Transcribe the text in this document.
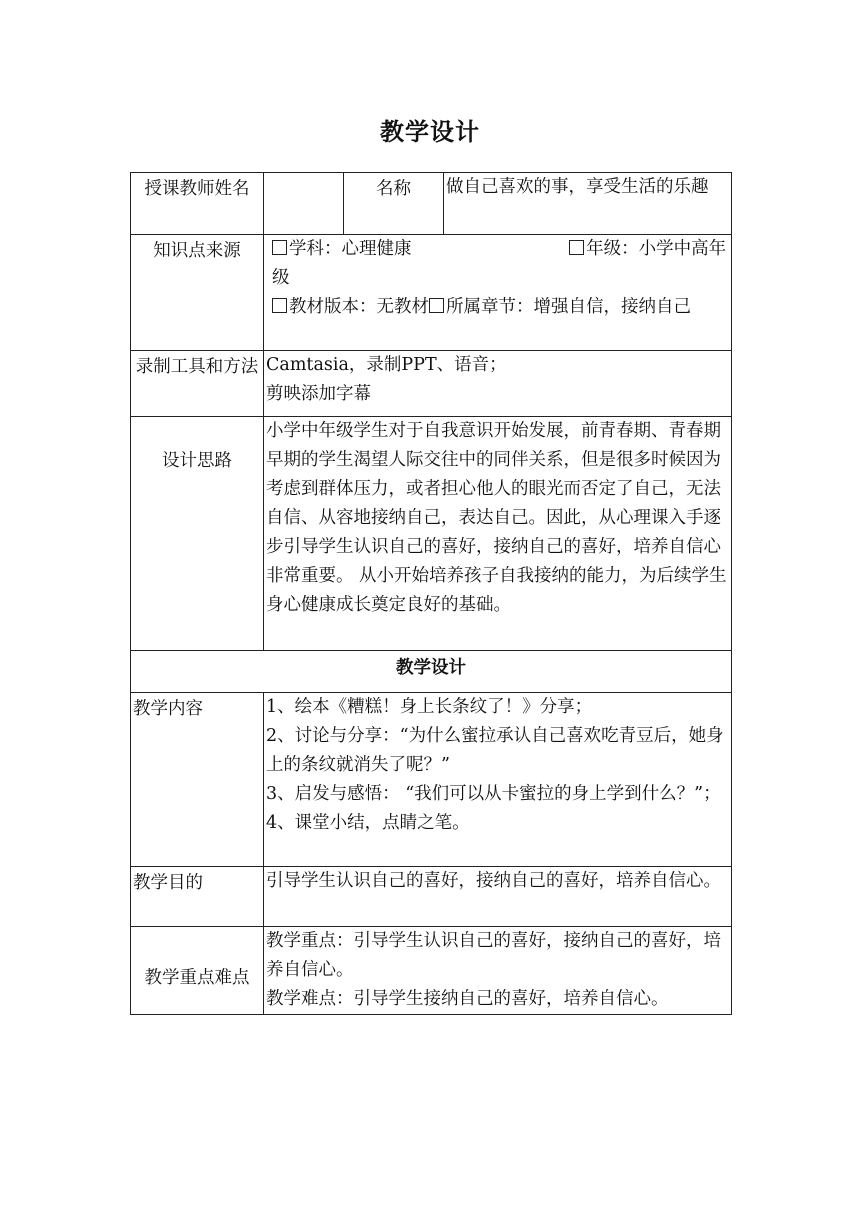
教学设计
授课教师姓名		名称	做自己喜欢的事，享受生活的乐趣
知识点来源	学科：心理健康 年级：小学中高年级
教材版本：无教材 所属章节：增强自信，接纳自己		

录制工具和方法	Camtasia，录制PPT、语音；
剪映添加字幕		

设计思路	小学中年级学生对于自我意识开始发展，前青春期、青春期早期的学生渴望人际交往中的同伴关系，但是很多时候因为考虑到群体压力，或者担心他人的眼光而否定了自己，无法自信、从容地接纳自己，表达自己。因此，从心理课入手逐步引导学生认识自己的喜好，接纳自己的喜好，培养自信心非常重要。 从小开始培养孩子自我接纳的能力，为后续学生身心健康成长奠定良好的基础。		
教学设计			
教学内容	1、绘本《糟糕！身上长条纹了！》分享；
2、讨论与分享：“为什么蜜拉承认自己喜欢吃青豆后，她身上的条纹就消失了呢？”
3、启发与感悟： “我们可以从卡蜜拉的身上学到什么？”；
4、课堂小结，点睛之笔。		

教学目的	引导学生认识自己的喜好，接纳自己的喜好，培养自信心。		
教学重点难点	教学重点：引导学生认识自己的喜好，接纳自己的喜好，培养自信心。
教学难点：引导学生接纳自己的喜好，培养自信心。		
